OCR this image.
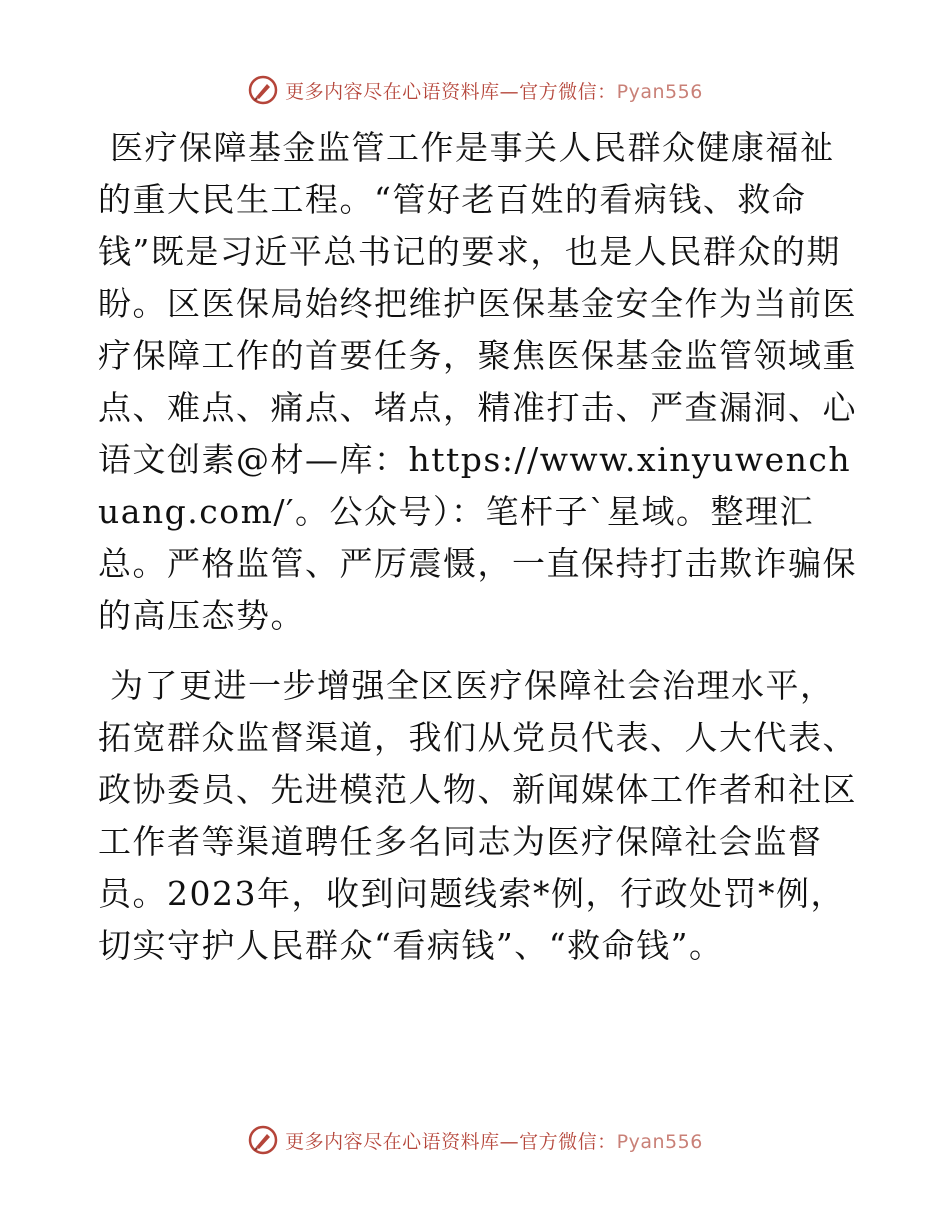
更多内容尽在心语资料库—官方微信：Pyan556

医疗保障基金监管工作是事关人民群众健康福祉的重大民生工程。“管好老百姓的看病钱、救命钱”既是习近平总书记的要求，也是人民群众的期盼。区医保局始终把维护医保基金安全作为当前医疗保障工作的首要任务，聚焦医保基金监管领域重点、难点、痛点、堵点，精准打击、严查漏洞、心语文创素@材—库：https://www.xinyuwenchuang.com/′。公众号）：笔杆子`星域。整理汇总。严格监管、严厉震慑，一直保持打击欺诈骗保的高压态势。

为了更进一步增强全区医疗保障社会治理水平，拓宽群众监督渠道，我们从党员代表、人大代表、政协委员、先进模范人物、新闻媒体工作者和社区工作者等渠道聘任多名同志为医疗保障社会监督员。2023年，收到问题线索*例，行政处罚*例，切实守护人民群众“看病钱”、“救命钱”。

更多内容尽在心语资料库—官方微信：Pyan556
